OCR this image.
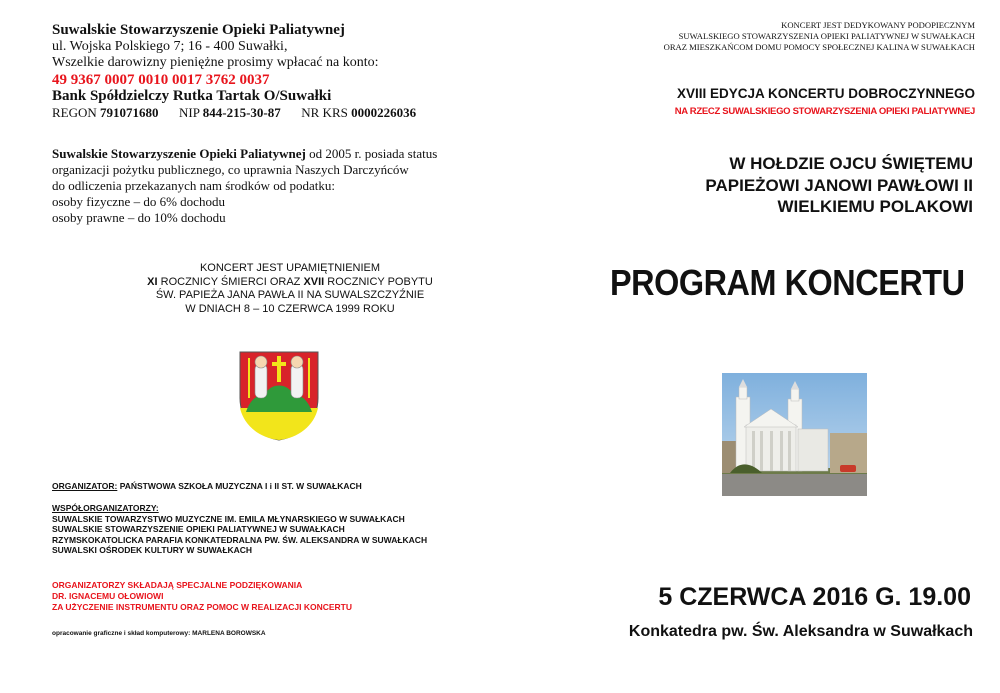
Suwalskie Stowarzyszenie Opieki Paliatywnej
ul. Wojska Polskiego 7; 16 - 400 Suwałki,
Wszelkie darowizny pieniężne prosimy wpłacać na konto:
49 9367 0007 0010 0017 3762 0037
Bank Spółdzielczy Rutka Tartak O/Suwałki
REGON 791071680 NIP 844-215-30-87 NR KRS 0000226036
Suwalskie Stowarzyszenie Opieki Paliatywnej od 2005 r. posiada status
organizacji pożytku publicznego, co uprawnia Naszych Darczyńców
do odliczenia przekazanych nam środków od podatku:
osoby fizyczne – do 6% dochodu
osoby prawne – do 10% dochodu
KONCERT JEST UPAMIĘTNIENIEM
XI ROCZNICY ŚMIERCI ORAZ XVII ROCZNICY POBYTU
ŚW. PAPIEŻA JANA PAWŁA II NA SUWALSZCZYŹNIE
W DNIACH 8 – 10 CZERWCA 1999 ROKU
ORGANIZATOR: PAŃSTWOWA SZKOŁA MUZYCZNA I i II ST. W SUWAŁKACH
WSPÓŁORGANIZATORZY:
SUWALSKIE TOWARZYSTWO MUZYCZNE IM. EMILA MŁYNARSKIEGO W SUWAŁKACH
SUWALSKIE STOWARZYSZENIE OPIEKI PALIATYWNEJ W SUWAŁKACH
RZYMSKOKATOLICKA PARAFIA KONKATEDRALNA PW. ŚW. ALEKSANDRA W SUWAŁKACH
SUWALSKI OŚRODEK KULTURY W SUWAŁKACH
ORGANIZATORZY SKŁADAJĄ SPECJALNE PODZIĘKOWANIA
DR. IGNACEMU OŁOWIOWI
ZA UŻYCZENIE INSTRUMENTU ORAZ POMOC W REALIZACJI KONCERTU
opracowanie graficzne i skład komputerowy: MARLENA BOROWSKA
KONCERT JEST DEDYKOWANY PODOPIECZNYM
SUWALSKIEGO STOWARZYSZENIA OPIEKI PALIATYWNEJ W SUWAŁKACH
ORAZ MIESZKAŃCOM DOMU POMOCY SPOŁECZNEJ KALINA W SUWAŁKACH
XVIII EDYCJA KONCERTU DOBROCZYNNEGO
NA RZECZ SUWALSKIEGO STOWARZYSZENIA OPIEKI PALIATYWNEJ
W HOŁDZIE OJCU ŚWIĘTEMU
PAPIEŻOWI JANOWI PAWŁOWI II
WIELKIEMU POLAKOWI
PROGRAM KONCERTU
5 CZERWCA 2016 G. 19.00
Konkatedra pw. Św. Aleksandra w Suwałkach
